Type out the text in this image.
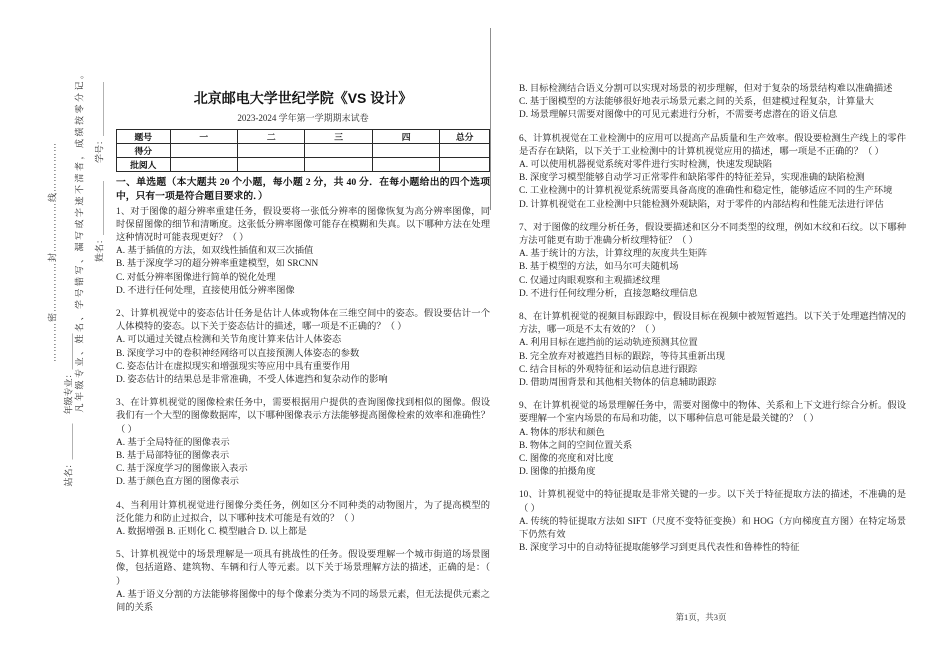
姓名：＿＿＿＿＿＿　　学号：＿＿＿＿＿＿
站名：＿＿＿＿　年级专业：＿＿＿＿ 凡年级专业、姓名、学号错写、漏写或字迹不清者，成绩按零分记。
…………密……………封……………线……………
北京邮电大学世纪学院《VS 设计》
2023-2024 学年第一学期期末试卷
题号	一	二	三	四	总分
得分					
批阅人					
一、单选题（本大题共 20 个小题，每小题 2 分，共 40 分．在每小题给出的四个选项中，只有一项是符合题目要求的．）

1、对于图像的超分辨率重建任务，假设要将一张低分辨率的图像恢复为高分辨率图像，同时保留图像的细节和清晰度。这张低分辨率图像可能存在模糊和失真。以下哪种方法在处理这种情况时可能表现更好？（ ）

A. 基于插值的方法，如双线性插值和双三次插值

B. 基于深度学习的超分辨率重建模型，如 SRCNN

C. 对低分辨率图像进行简单的锐化处理

D. 不进行任何处理，直接使用低分辨率图像

2、计算机视觉中的姿态估计任务是估计人体或物体在三维空间中的姿态。假设要估计一个人体模特的姿态。以下关于姿态估计的描述，哪一项是不正确的？（ ）

A. 可以通过关键点检测和关节角度计算来估计人体姿态

B. 深度学习中的卷积神经网络可以直接预测人体姿态的参数

C. 姿态估计在虚拟现实和增强现实等应用中具有重要作用

D. 姿态估计的结果总是非常准确，不受人体遮挡和复杂动作的影响

3、在计算机视觉的图像检索任务中，需要根据用户提供的查询图像找到相似的图像。假设我们有一个大型的图像数据库，以下哪种图像表示方法能够提高图像检索的效率和准确性？（ ）

A. 基于全局特征的图像表示

B. 基于局部特征的图像表示

C. 基于深度学习的图像嵌入表示

D. 基于颜色直方图的图像表示

4、当利用计算机视觉进行图像分类任务，例如区分不同种类的动物图片，为了提高模型的泛化能力和防止过拟合，以下哪种技术可能是有效的？（ ）

A. 数据增强 B. 正则化 C. 模型融合 D. 以上都是

5、计算机视觉中的场景理解是一项具有挑战性的任务。假设要理解一个城市街道的场景图像，包括道路、建筑物、车辆和行人等元素。以下关于场景理解方法的描述，正确的是：（ ）

A. 基于语义分割的方法能够将图像中的每个像素分类为不同的场景元素，但无法提供元素之间的关系

B. 目标检测结合语义分割可以实现对场景的初步理解，但对于复杂的场景结构难以准确描述

C. 基于图模型的方法能够很好地表示场景元素之间的关系，但建模过程复杂，计算量大

D. 场景理解只需要对图像中的可见元素进行分析，不需要考虑潜在的语义信息

6、计算机视觉在工业检测中的应用可以提高产品质量和生产效率。假设要检测生产线上的零件是否存在缺陷，以下关于工业检测中的计算机视觉应用的描述，哪一项是不正确的？（ ）

A. 可以使用机器视觉系统对零件进行实时检测，快速发现缺陷

B. 深度学习模型能够自动学习正常零件和缺陷零件的特征差异，实现准确的缺陷检测

C. 工业检测中的计算机视觉系统需要具备高度的准确性和稳定性，能够适应不同的生产环境

D. 计算机视觉在工业检测中只能检测外观缺陷，对于零件的内部结构和性能无法进行评估

7、对于图像的纹理分析任务，假设要描述和区分不同类型的纹理，例如木纹和石纹。以下哪种方法可能更有助于准确分析纹理特征？（ ）

A. 基于统计的方法，计算纹理的灰度共生矩阵

B. 基于模型的方法，如马尔可夫随机场

C. 仅通过肉眼观察和主观描述纹理

D. 不进行任何纹理分析，直接忽略纹理信息

8、在计算机视觉的视频目标跟踪中，假设目标在视频中被短暂遮挡。以下关于处理遮挡情况的方法，哪一项是不太有效的？（ ）

A. 利用目标在遮挡前的运动轨迹预测其位置

B. 完全放弃对被遮挡目标的跟踪，等待其重新出现

C. 结合目标的外观特征和运动信息进行跟踪

D. 借助周围背景和其他相关物体的信息辅助跟踪

9、在计算机视觉的场景理解任务中，需要对图像中的物体、关系和上下文进行综合分析。假设要理解一个室内场景的布局和功能，以下哪种信息可能是最关键的？（ ）

A. 物体的形状和颜色

B. 物体之间的空间位置关系

C. 图像的亮度和对比度

D. 图像的拍摄角度

10、计算机视觉中的特征提取是非常关键的一步。以下关于特征提取方法的描述，不准确的是（ ）

A. 传统的特征提取方法如 SIFT（尺度不变特征变换）和 HOG（方向梯度直方图）在特定场景下仍然有效

B. 深度学习中的自动特征提取能够学习到更具代表性和鲁棒性的特征

第1页，共3页
